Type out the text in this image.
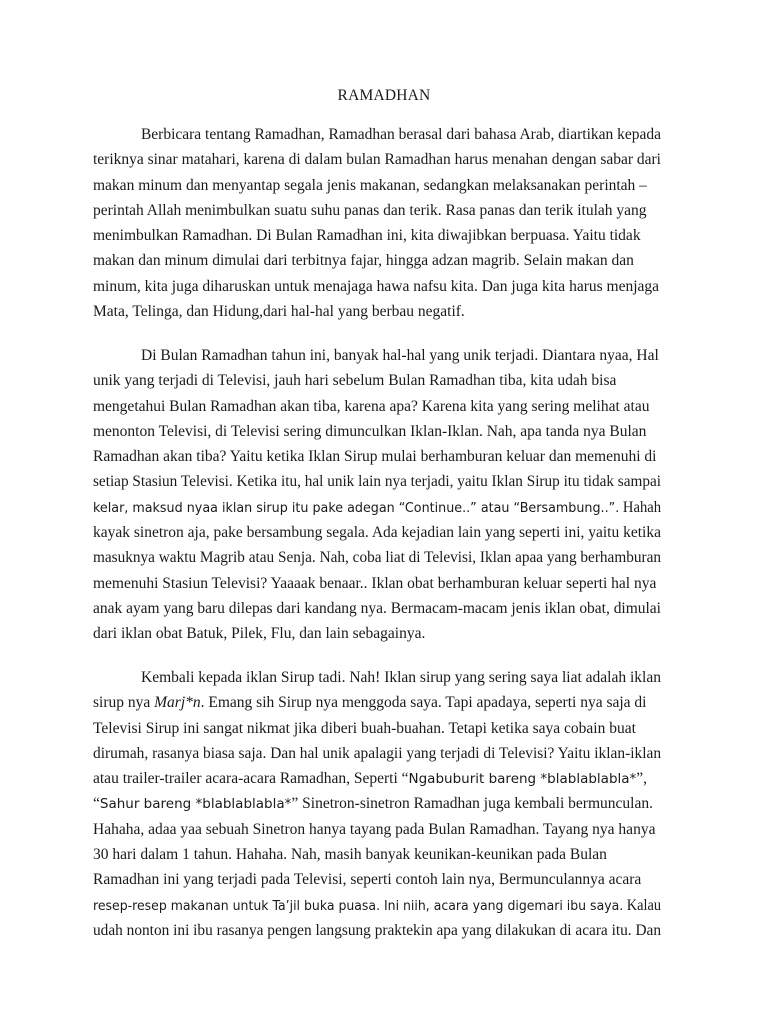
RAMADHAN
Berbicara tentang Ramadhan, Ramadhan berasal dari bahasa Arab, diartikan kepada
teriknya sinar matahari, karena di dalam bulan Ramadhan harus menahan dengan sabar dari
makan minum dan menyantap segala jenis makanan, sedangkan melaksanakan perintah –
perintah Allah menimbulkan suatu suhu panas dan terik. Rasa panas dan terik itulah yang
menimbulkan Ramadhan. Di Bulan Ramadhan ini, kita diwajibkan berpuasa. Yaitu tidak
makan dan minum dimulai dari terbitnya fajar, hingga adzan magrib. Selain makan dan
minum, kita juga diharuskan untuk menajaga hawa nafsu kita. Dan juga kita harus menjaga
Mata, Telinga, dan Hidung,dari hal-hal yang berbau negatif.
Di Bulan Ramadhan tahun ini, banyak hal-hal yang unik terjadi. Diantara nyaa, Hal
unik yang terjadi di Televisi, jauh hari sebelum Bulan Ramadhan tiba, kita udah bisa
mengetahui Bulan Ramadhan akan tiba, karena apa? Karena kita yang sering melihat atau
menonton Televisi, di Televisi sering dimunculkan Iklan-Iklan. Nah, apa tanda nya Bulan
Ramadhan akan tiba? Yaitu ketika Iklan Sirup mulai berhamburan keluar dan memenuhi di
setiap Stasiun Televisi. Ketika itu, hal unik lain nya terjadi, yaitu Iklan Sirup itu tidak sampai
kelar, maksud nyaa iklan sirup itu pake adegan “Continue..” atau “Bersambung..”. Hahah
kayak sinetron aja, pake bersambung segala. Ada kejadian lain yang seperti ini, yaitu ketika
masuknya waktu Magrib atau Senja. Nah, coba liat di Televisi, Iklan apaa yang berhamburan
memenuhi Stasiun Televisi? Yaaaak benaar.. Iklan obat berhamburan keluar seperti hal nya
anak ayam yang baru dilepas dari kandang nya. Bermacam-macam jenis iklan obat, dimulai
dari iklan obat Batuk, Pilek, Flu, dan lain sebagainya.
Kembali kepada iklan Sirup tadi. Nah! Iklan sirup yang sering saya liat adalah iklan
sirup nya Marj*n. Emang sih Sirup nya menggoda saya. Tapi apadaya, seperti nya saja di
Televisi Sirup ini sangat nikmat jika diberi buah-buahan. Tetapi ketika saya cobain buat
dirumah, rasanya biasa saja. Dan hal unik apalagii yang terjadi di Televisi? Yaitu iklan-iklan
atau trailer-trailer acara-acara Ramadhan, Seperti “Ngabuburit bareng *blablablabla*”,
“Sahur bareng *blablablabla*” Sinetron-sinetron Ramadhan juga kembali bermunculan.
Hahaha, adaa yaa sebuah Sinetron hanya tayang pada Bulan Ramadhan. Tayang nya hanya
30 hari dalam 1 tahun. Hahaha. Nah, masih banyak keunikan-keunikan pada Bulan
Ramadhan ini yang terjadi pada Televisi, seperti contoh lain nya, Bermunculannya acara
resep-resep makanan untuk Ta’jil buka puasa. Ini niih, acara yang digemari ibu saya. Kalau
udah nonton ini ibu rasanya pengen langsung praktekin apa yang dilakukan di acara itu. Dan
